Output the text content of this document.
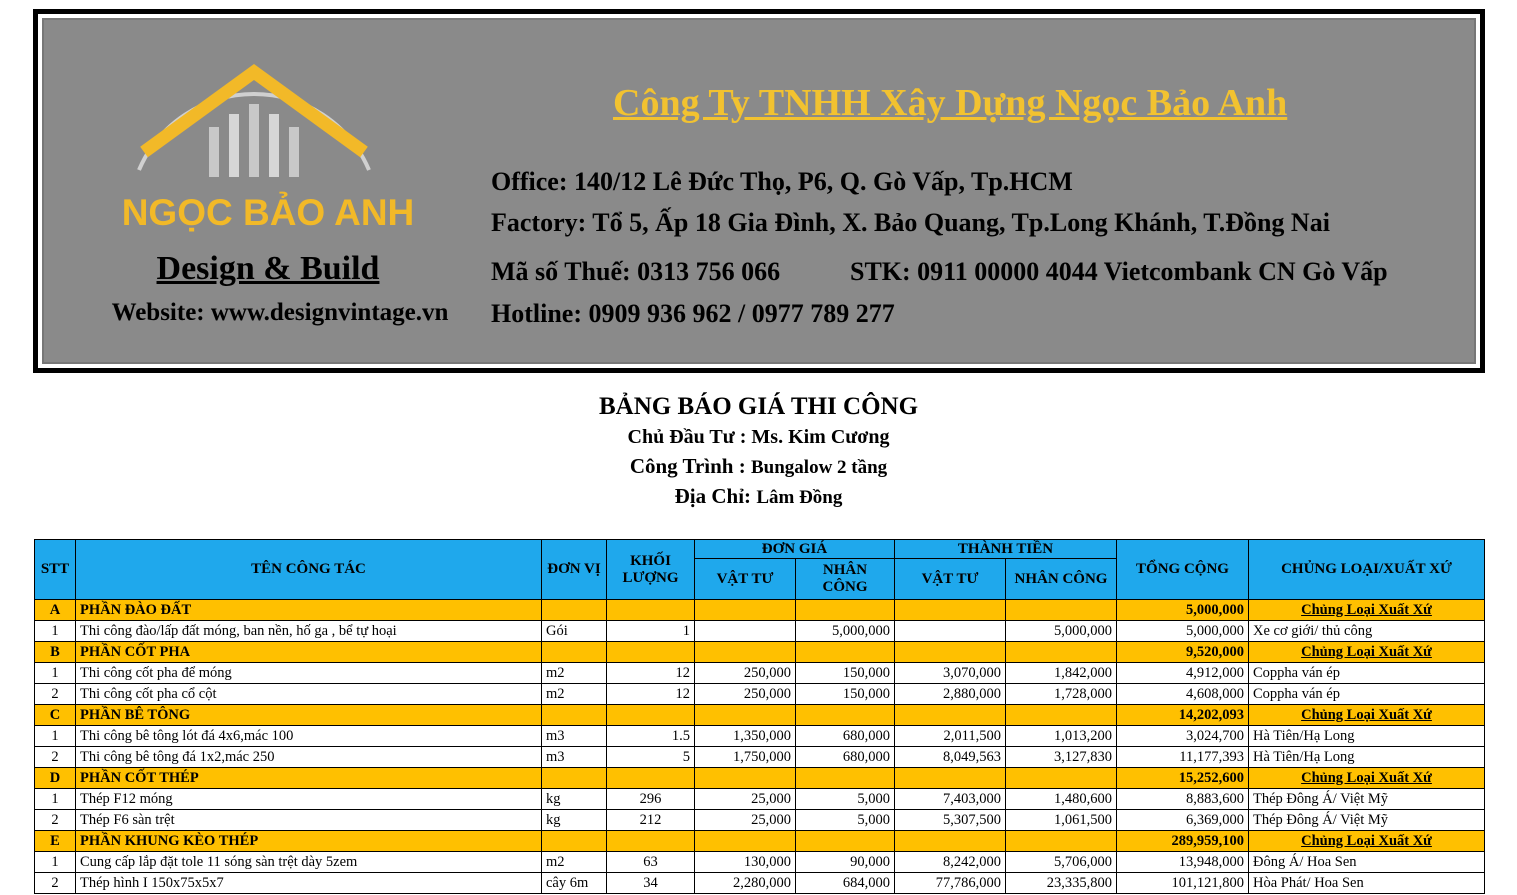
NGỌC BẢO ANH
Design & Build
Website: www.designvintage.vn
Công Ty TNHH Xây Dựng Ngọc Bảo Anh
Office: 140/12 Lê Đức Thọ, P6, Q. Gò Vấp, Tp.HCM
Factory: Tổ 5, Ấp 18 Gia Đình, X. Bảo Quang, Tp.Long Khánh, T.Đồng Nai
Mã số Thuế: 0313 756 066	STK: 0911 00000 4044 Vietcombank CN Gò Vấp
Hotline: 0909 936 962 / 0977 789 277
BẢNG BÁO GIÁ THI CÔNG
Chủ Đầu Tư : Ms. Kim Cương
Công Trình : Bungalow 2 tầng
Địa Chỉ: Lâm Đồng
STT	TÊN CÔNG TÁC	ĐƠN VỊ	KHỐI LƯỢNG	ĐƠN GIÁ		THÀNH TIỀN		TỔNG CỘNG	CHỦNG LOẠI/XUẤT XỨ
				VẬT TƯ	NHÂN CÔNG	VẬT TƯ	NHÂN CÔNG		

A	PHẦN ĐÀO ĐẤT							5,000,000	Chủng Loại Xuất Xứ
1	Thi công đào/lấp đất móng, ban nền, hố ga , bể tự hoại	Gói	1		5,000,000		5,000,000	5,000,000	Xe cơ giới/ thủ công
B	PHẦN CỐT PHA							9,520,000	Chủng Loại Xuất Xứ
1	Thi công cốt pha để móng	m2	12	250,000	150,000	3,070,000	1,842,000	4,912,000	Coppha ván ép
2	Thi công cốt pha cổ cột	m2	12	250,000	150,000	2,880,000	1,728,000	4,608,000	Coppha ván ép
C	PHẦN BÊ TÔNG							14,202,093	Chủng Loại Xuất Xứ
1	Thi công bê tông lót đá 4x6,mác 100	m3	1.5	1,350,000	680,000	2,011,500	1,013,200	3,024,700	Hà Tiên/Hạ Long
2	Thi công bê tông đá 1x2,mác 250	m3	5	1,750,000	680,000	8,049,563	3,127,830	11,177,393	Hà Tiên/Hạ Long
D	PHẦN CỐT THÉP							15,252,600	Chủng Loại Xuất Xứ
1	Thép F12 móng	kg	296	25,000	5,000	7,403,000	1,480,600	8,883,600	Thép Đông Á/ Việt Mỹ
2	Thép F6 sàn trệt	kg	212	25,000	5,000	5,307,500	1,061,500	6,369,000	Thép Đông Á/ Việt Mỹ
E	PHẦN KHUNG KÈO THÉP							289,959,100	Chủng Loại Xuất Xứ
1	Cung cấp lắp đặt tole 11 sóng sàn trệt dày 5zem	m2	63	130,000	90,000	8,242,000	5,706,000	13,948,000	Đông Á/ Hoa Sen
2	Thép hình I 150x75x5x7	cây 6m	34	2,280,000	684,000	77,786,000	23,335,800	101,121,800	Hòa Phát/ Hoa Sen
